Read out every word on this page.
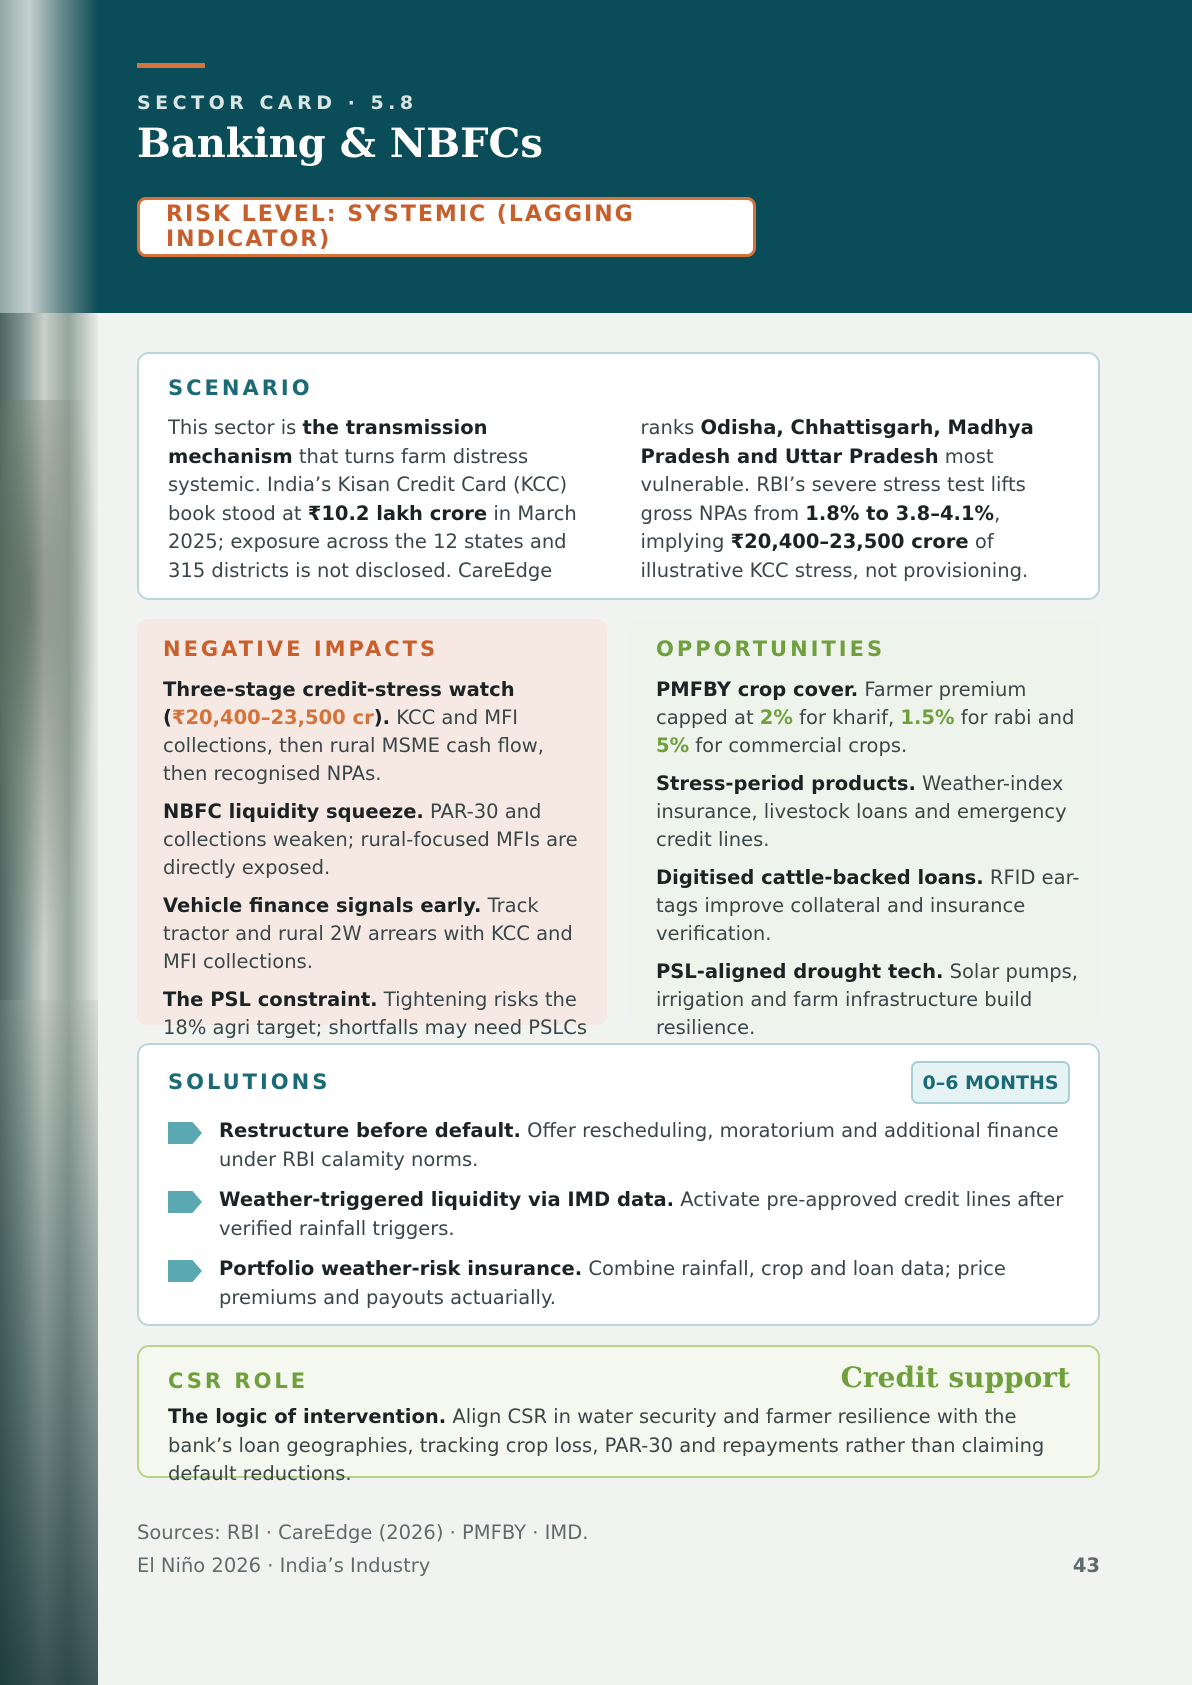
SECTOR CARD · 5.8
Banking & NBFCs
RISK LEVEL: SYSTEMIC (LAGGING INDICATOR)
SCENARIO
This sector is the transmission mechanism that turns farm distress systemic. India’s Kisan Credit Card (KCC) book stood at ₹10.2 lakh crore in March 2025; exposure across the 12 states and 315 districts is not disclosed. CareEdge ranks Odisha, Chhattisgarh, Madhya Pradesh and Uttar Pradesh most vulnerable. RBI’s severe stress test lifts gross NPAs from 1.8% to 3.8–4.1%, implying ₹20,400–23,500 crore of illustrative KCC stress, not provisioning.
NEGATIVE IMPACTS

Three-stage credit-stress watch (₹20,400–23,500 cr). KCC and MFI collections, then rural MSME cash flow, then recognised NPAs.

NBFC liquidity squeeze. PAR-30 and collections weaken; rural-focused MFIs are directly exposed.

Vehicle finance signals early. Track tractor and rural 2W arrears with KCC and MFI collections.

The PSL constraint. Tightening risks the 18% agri target; shortfalls may need PSLCs

OPPORTUNITIES

PMFBY crop cover. Farmer premium capped at 2% for kharif, 1.5% for rabi and 5% for commercial crops.

Stress-period products. Weather-index insurance, livestock loans and emergency credit lines.

Digitised cattle-backed loans. RFID ear-tags improve collateral and insurance verification.

PSL-aligned drought tech. Solar pumps, irrigation and farm infrastructure build resilience.

SOLUTIONS	0–6 MONTHS
Restructure before default. Offer rescheduling, moratorium and additional finance under RBI calamity norms.
Weather-triggered liquidity via IMD data. Activate pre-approved credit lines after verified rainfall triggers.
Portfolio weather-risk insurance. Combine rainfall, crop and loan data; price premiums and payouts actuarially.
CSR ROLE	Credit support
The logic of intervention. Align CSR in water security and farmer resilience with the bank’s loan geographies, tracking crop loss, PAR-30 and repayments rather than claiming default reductions.
Sources: RBI · CareEdge (2026) · PMFBY · IMD.
El Niño 2026 · India’s Industry	43
